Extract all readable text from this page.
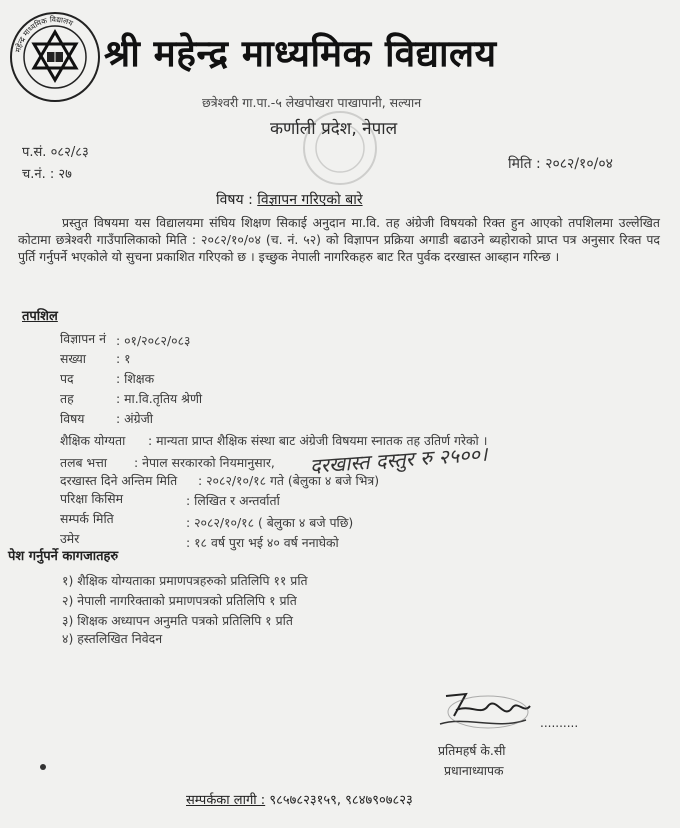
महेन्द्र माध्यमिक विद्यालय
श्री महेन्द्र माध्यमिक विद्यालय
छत्रेश्वरी गा.पा.-५ लेखपोखरा पाखापानी, सल्यान
कर्णाली प्रदेश, नेपाल
प.सं. ०८२/८३
च.नं. : २७
मिति : २०८२/१०/०४
विषय : विज्ञापन गरिएको बारे
प्रस्तुत विषयमा यस विद्यालयमा संघिय शिक्षण सिकाई अनुदान मा.वि. तह अंग्रेजी विषयको रिक्त हुन आएको तपशिलमा उल्लेखित कोटामा छत्रेश्वरी गाउँपालिकाको मिति : २०८२/१०/०४ (च. नं. ५२) को विज्ञापन प्रक्रिया अगाडी बढाउने ब्यहोराको प्राप्त पत्र अनुसार रिक्त पद पुर्ति गर्नुपर्ने भएकोले यो सुचना प्रकाशित गरिएको छ । इच्छुक नेपाली नागरिकहरु बाट रित पुर्वक दरखास्त आब्हान गरिन्छ ।
तपशिल
विज्ञापन नं : ०१/२०८२/०८३
सख्या : १
पद	: शिक्षक
तह	: मा.वि.तृतिय श्रेणी
विषय	: अंग्रेजी
शैक्षिक योग्यता : मान्यता प्राप्त शैक्षिक संस्था बाट अंग्रेजी विषयमा स्नातक तह उतिर्ण गरेको ।
तलब भत्ता : नेपाल सरकारको नियमानुसार, दरखास्त दस्तुर रु २५००।
दरखास्त दिने अन्तिम मिति : २०८२/१०/१८ गते (बेलुका ४ बजे भित्र)
परिक्षा किसिम	: लिखित र अन्तर्वार्ता
सम्पर्क मिति	: २०८२/१०/१८ ( बेलुका ४ बजे पछि)
उमेर	: १८ वर्ष पुरा भई ४० वर्ष ननाघेको
पेश गर्नुपर्ने कागजातहरु
१) शैक्षिक योग्यताका प्रमाणपत्रहरुको प्रतिलिपि ११ प्रति
२) नेपाली नागरिक्ताको प्रमाणपत्रको प्रतिलिपि १ प्रति
३) शिक्षक अध्यापन अनुमति पत्रको प्रतिलिपि १ प्रति
४) हस्तलिखित निवेदन
..........
प्रतिमहर्ष के.सी
प्रधानाध्यापक
सम्पर्कका लागी : ९८५७८२३१५९, ९८४७९०७८२३
